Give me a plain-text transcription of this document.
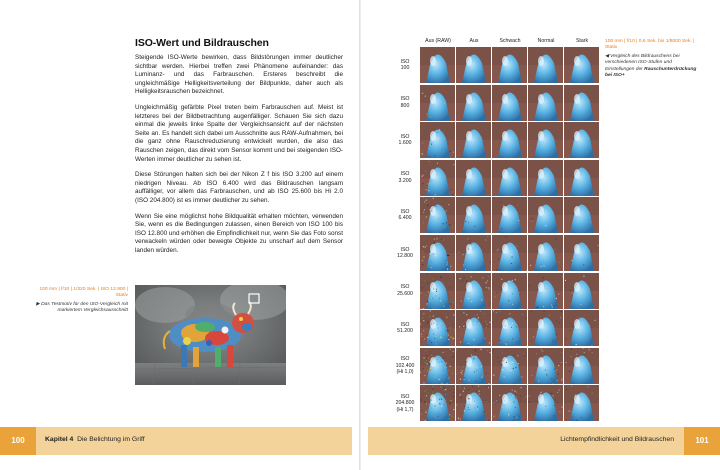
ISO-Wert und Bildrauschen

Steigende ISO-Werte bewirken, dass Bildstörungen immer deutlicher sichtbar werden. Hierbei treffen zwei Phänomene aufeinander: das Luminanz- und das Farbrauschen. Ersteres beschreibt die ungleichmäßige Helligkeitsverteilung der Bildpunkte, daher auch als Helligkeitsrauschen bezeichnet.

Ungleichmäßig gefärbte Pixel treten beim Farbrauschen auf. Meist ist letzteres bei der Bildbetrachtung augenfälliger. Schauen Sie sich dazu einmal die jeweils linke Spalte der Vergleichsansicht auf der nächsten Seite an. Es handelt sich dabei um Ausschnitte aus RAW-Aufnahmen, bei die ganz ohne Rauschreduzierung entwickelt wurden, die also das Rauschen zeigen, das direkt vom Sensor kommt und bei steigenden ISO-Werten immer deutlicher zu sehen ist.

Diese Störungen halten sich bei der Nikon Z f bis ISO 3.200 auf einem niedrigen Niveau. Ab ISO 6.400 wird das Bildrauschen langsam auffälliger, vor allem das Farbrauschen, und ab ISO 25.600 bis Hi 2.0 (ISO 204.800) ist es immer deutlicher zu sehen.

Wenn Sie eine möglichst hohe Bildqualität erhalten möchten, verwenden Sie, wenn es die Bedingungen zulassen, einen Bereich von ISO 100 bis ISO 12.800 und erhöhen die Empfindlichkeit nur, wenn Sie das Foto sonst verwackeln würden oder bewegte Objekte zu unscharf auf dem Sensor landen würden.

100 mm | f/10 | 1/320 Sek. | ISO 12.800 | Stativ
▶ Das Testmotiv für den ISO-Vergleich mit markiertem Vergleichsausschnitt
Aus (RAW)	Aus	Schwach	Normal	Stark
ISO
100
ISO
800
ISO
1.600
ISO
3.200
ISO
6.400
ISO
12.800
ISO
25.600
ISO
51.200
ISO
102.400
(Hi 1,0)
ISO
204.800
(Hi 1,7)
100 mm | f/10 | 0,6 Sek. bis 1/8000 Sek. | Stativ
◀ Vergleich des Bildrauschens bei verschiedenen ISO-Stufen und Einstellungen der Rauschunterdrückung bei ISO+
100	Kapitel 4 Die Belichtung im Griff	Lichtempfindlichkeit und Bildrauschen	101
